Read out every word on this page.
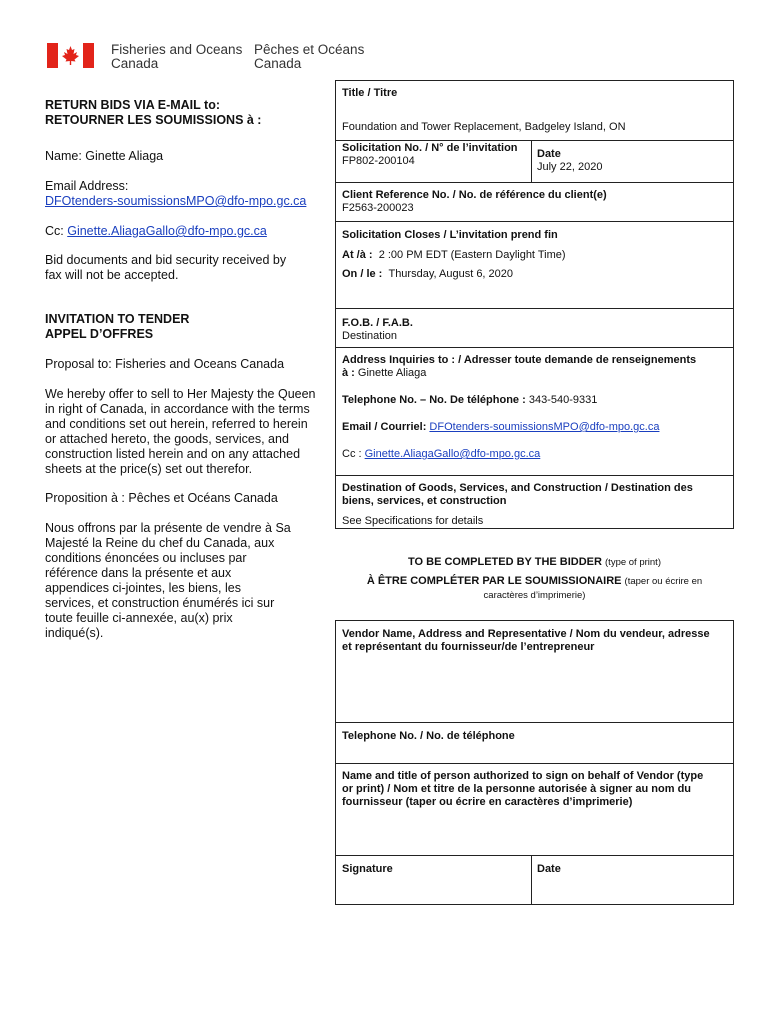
Fisheries and Oceans
Canada
Pêches et Océans
Canada
RETURN BIDS VIA E-MAIL to:
RETOURNER LES SOUMISSIONS à :
Name: Ginette Aliaga
Email Address:
DFOtenders-soumissionsMPO@dfo-mpo.gc.ca
Cc: Ginette.AliagaGallo@dfo-mpo.gc.ca
Bid documents and bid security received by
fax will not be accepted.
INVITATION TO TENDER
APPEL D’OFFRES
Proposal to: Fisheries and Oceans Canada
We hereby offer to sell to Her Majesty the Queen
in right of Canada, in accordance with the terms
and conditions set out herein, referred to herein
or attached hereto, the goods, services, and
construction listed herein and on any attached
sheets at the price(s) set out therefor.
Proposition à : Pêches et Océans Canada
Nous offrons par la présente de vendre à Sa
Majesté la Reine du chef du Canada, aux
conditions énoncées ou incluses par
référence dans la présente et aux
appendices ci-jointes, les biens, les
services, et construction énumérés ici sur
toute feuille ci-annexée, au(x) prix
indiqué(s).
Title / Titre
Foundation and Tower Replacement, Badgeley Island, ON
Solicitation No. / N° de l’invitation
FP802-200104
Date
July 22, 2020
Client Reference No. / No. de référence du client(e)
F2563-200023
Solicitation Closes / L’invitation prend fin
At /à : 2 :00 PM EDT (Eastern Daylight Time)
On / le : Thursday, August 6, 2020
F.O.B. / F.A.B.
Destination
Address Inquiries to : / Adresser toute demande de renseignements
à : Ginette Aliaga
Telephone No. – No. De téléphone : 343-540-9331
Email / Courriel: DFOtenders-soumissionsMPO@dfo-mpo.gc.ca
Cc : Ginette.AliagaGallo@dfo-mpo.gc.ca
Destination of Goods, Services, and Construction / Destination des
biens, services, et construction
See Specifications for details
TO BE COMPLETED BY THE BIDDER (type of print)
À ÊTRE COMPLÉTER PAR LE SOUMISSIONAIRE (taper ou écrire en
caractères d’imprimerie)
Vendor Name, Address and Representative / Nom du vendeur, adresse
et représentant du fournisseur/de l’entrepreneur
Telephone No. / No. de téléphone
Name and title of person authorized to sign on behalf of Vendor (type
or print) / Nom et titre de la personne autorisée à signer au nom du
fournisseur (taper ou écrire en caractères d’imprimerie)
Signature	Date
